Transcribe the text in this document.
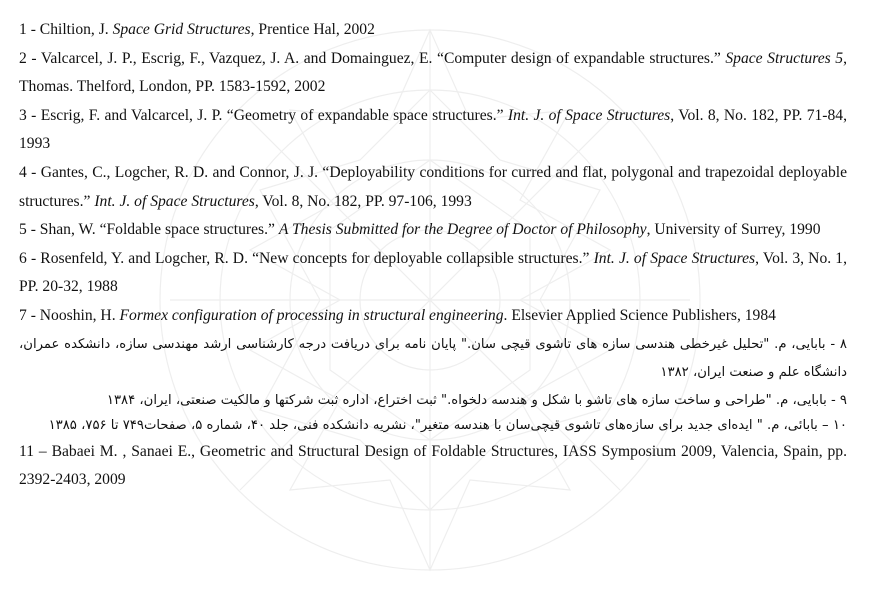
1 - Chiltion, J. Space Grid Structures, Prentice Hal, 2002
2 - Valcarcel, J. P., Escrig, F., Vazquez, J. A. and Domainguez, E. “Computer design of expandable structures.” Space Structures 5, Thomas. Thelford, London, PP. 1583-1592, 2002
3 - Escrig, F. and Valcarcel, J. P. “Geometry of expandable space structures.” Int. J. of Space Structures, Vol. 8, No. 182, PP. 71-84, 1993
4 - Gantes, C., Logcher, R. D. and Connor, J. J. “Deployability conditions for curred and flat, polygonal and trapezoidal deployable structures.” Int. J. of Space Structures, Vol. 8, No. 182, PP. 97-106, 1993
5 - Shan, W. “Foldable space structures.” A Thesis Submitted for the Degree of Doctor of Philosophy, University of Surrey, 1990
6 - Rosenfeld, Y. and Logcher, R. D. “New concepts for deployable collapsible structures.” Int. J. of Space Structures, Vol. 3, No. 1, PP. 20-32, 1988
7 - Nooshin, H. Formex configuration of processing in structural engineering. Elsevier Applied Science Publishers, 1984
۸ - بابایی، م. "تحلیل غیرخطی هندسی سازه های تاشوی قیچی سان." پایان نامه برای دریافت درجه کارشناسی ارشد مهندسی سازه، دانشکده عمران، دانشگاه علم و صنعت ایران، ۱۳۸۲
۹ - بابایی، م. "طراحی و ساخت سازه های تاشو با شکل و هندسه دلخواه." ثبت اختراع، اداره ثبت شرکتها و مالکیت صنعتی، ایران، ۱۳۸۴
۱۰ – بابائی، م. " ایده‌ای جدید برای سازه‌های تاشوی قیچی‌سان با هندسه متغیر"، نشریه دانشکده فنی، جلد ۴۰، شماره ۵، صفحات۷۴۹ تا ۷۵۶، ۱۳۸۵
11 – Babaei M. , Sanaei E., Geometric and Structural Design of Foldable Structures, IASS Symposium 2009, Valencia, Spain, pp. 2392-2403, 2009
